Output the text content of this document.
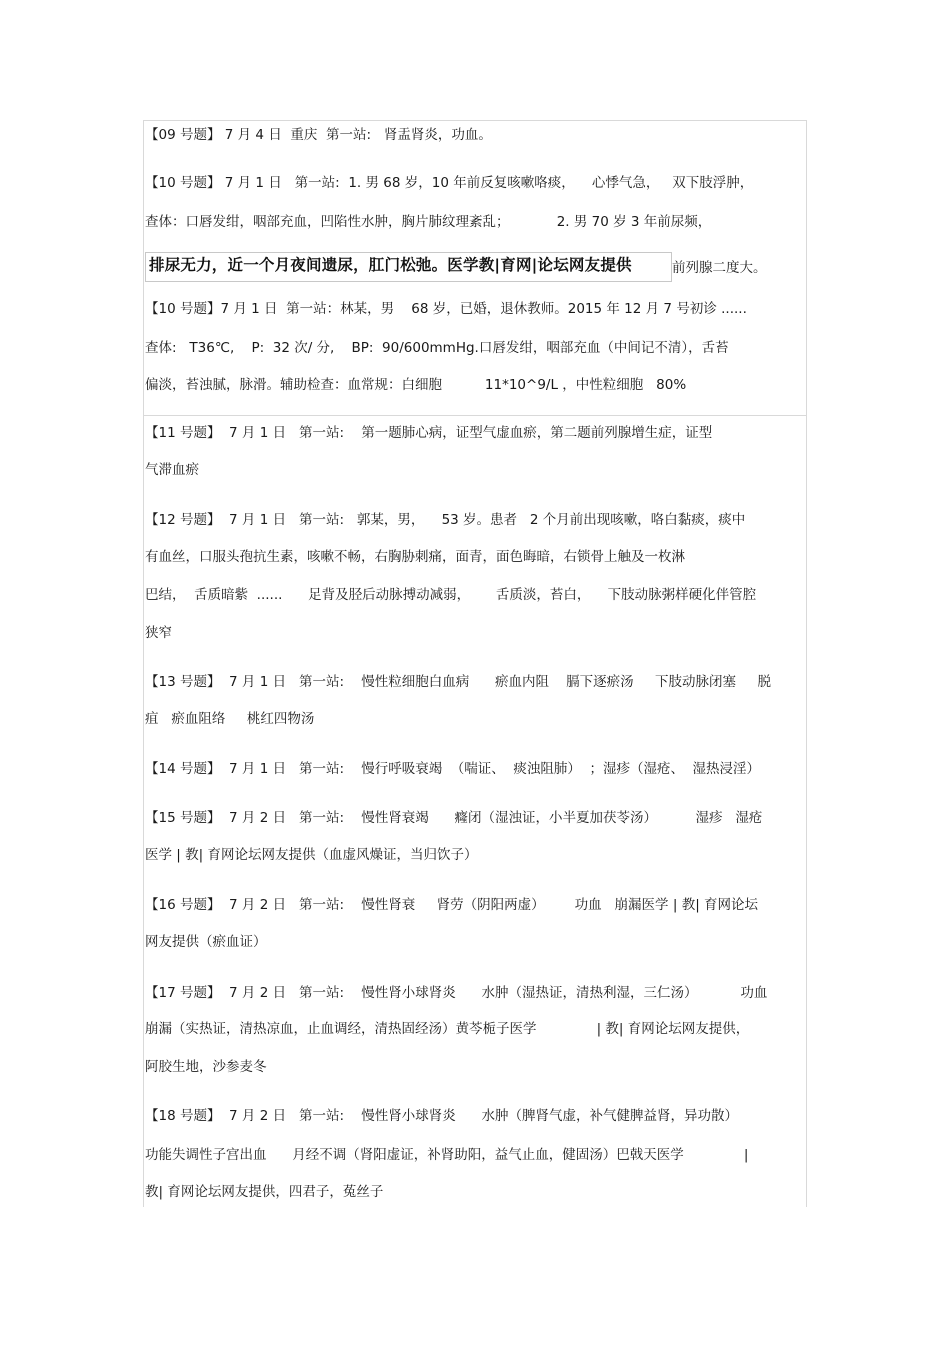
【09 号题】 7 月 4 日  重庆  第一站:   肾盂肾炎，功血。
【10 号题】 7 月 1 日   第一站:  1. 男 68 岁，10 年前反复咳嗽咯痰，    心悸气急，   双下肢浮肿，
查体：口唇发绀，咽部充血，凹陷性水肿，胸片肺纹理紊乱；           2. 男 70 岁 3 年前尿频，
排尿无力，近一个月夜间遗尿，肛门松弛。医学教|育网|论坛网友提供	前列腺二度大。
【10 号题】7 月 1 日  第一站：林某，男    68 岁，已婚，退休教师。2015 年 12 月 7 号初诊 ......
查体:   T36℃,    P:  32 次/ 分,    BP:  90/600mmHg.口唇发绀，咽部充血（中间记不清），舌苔
偏淡，苔浊腻，脉滑。辅助检查：血常规：白细胞          11*10^9/L ，中性粒细胞   80%
【11 号题】  7 月 1 日   第一站:    第一题肺心病，证型气虚血瘀，第二题前列腺增生症，证型
气滞血瘀
【12 号题】  7 月 1 日   第一站:   郭某，男，    53 岁。患者   2 个月前出现咳嗽，咯白黏痰，痰中
有血丝，口服头孢抗生素，咳嗽不畅，右胸胁刺痛，面青，面色晦暗，右锁骨上触及一枚淋
巴结，  舌质暗紫  ......      足背及胫后动脉搏动减弱，      舌质淡，苔白，    下肢动脉粥样硬化伴管腔
狭窄
【13 号题】  7 月 1 日   第一站:    慢性粒细胞白血病      瘀血内阻    膈下逐瘀汤     下肢动脉闭塞     脱
疽   瘀血阻络     桃红四物汤
【14 号题】  7 月 1 日   第一站:    慢行呼吸衰竭  （喘证、  痰浊阻肺）  ；湿疹（湿疮、  湿热浸淫）
【15 号题】  7 月 2 日   第一站:    慢性肾衰竭      癃闭（湿浊证，小半夏加茯苓汤）         湿疹   湿疮
医学 | 教| 育网论坛网友提供（血虚风燥证，当归饮子）
【16 号题】  7 月 2 日   第一站:    慢性肾衰     肾劳（阴阳两虚）       功血   崩漏医学 | 教| 育网论坛
网友提供（瘀血证）
【17 号题】  7 月 2 日   第一站:    慢性肾小球肾炎      水肿（湿热证，清热利湿，三仁汤）          功血
崩漏（实热证，清热凉血，止血调经，清热固经汤）黄芩栀子医学              | 教| 育网论坛网友提供，
阿胶生地，沙参麦冬
【18 号题】  7 月 2 日   第一站:    慢性肾小球肾炎      水肿（脾肾气虚，补气健脾益肾，异功散）
功能失调性子宫出血      月经不调（肾阳虚证，补肾助阳，益气止血，健固汤）巴戟天医学              |
教| 育网论坛网友提供，四君子，菟丝子
